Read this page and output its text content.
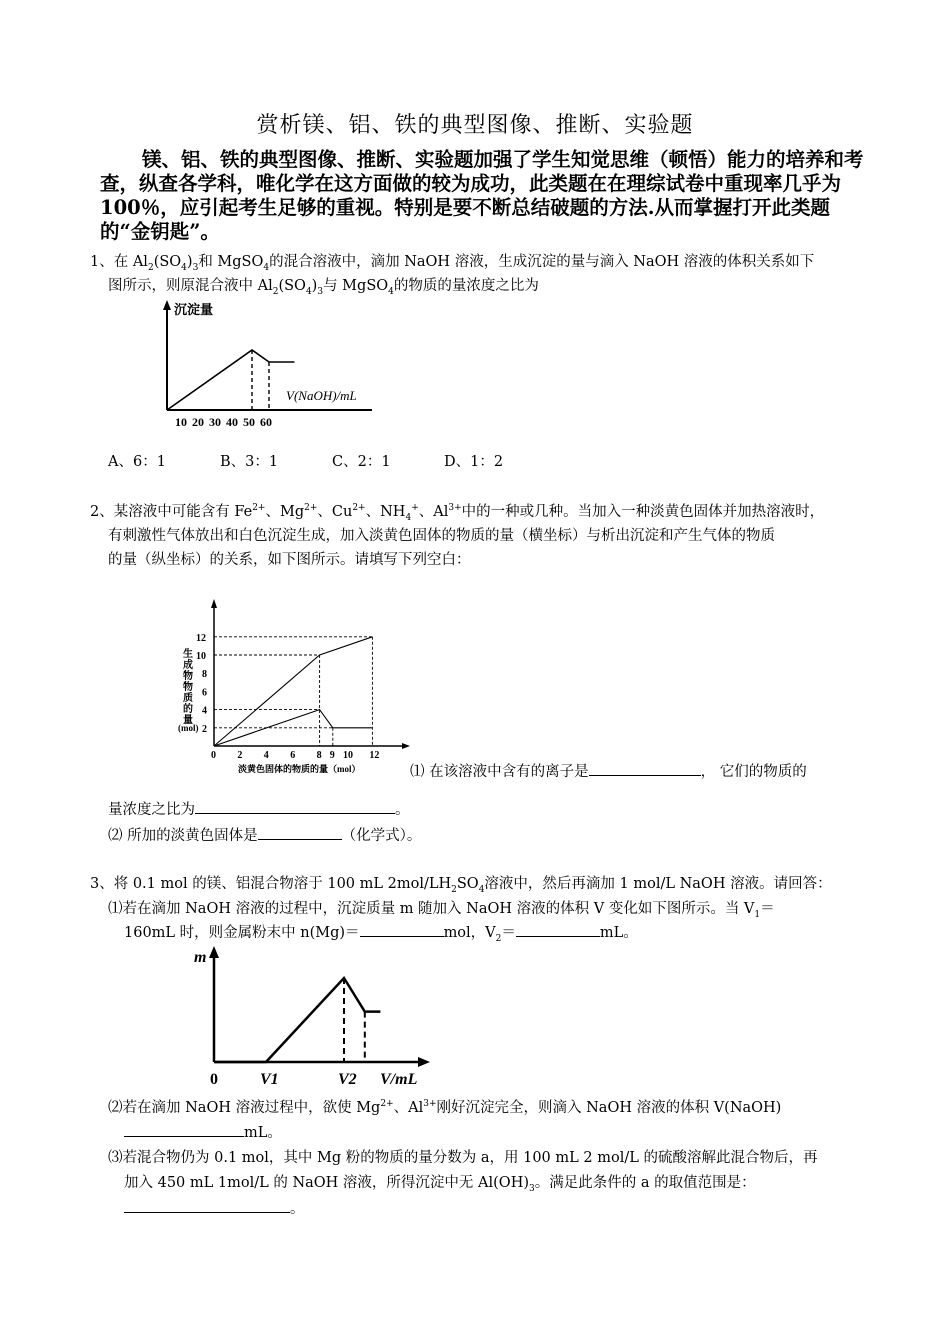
赏析镁、铝、铁的典型图像、推断、实验题
镁、铝、铁的典型图像、推断、实验题加强了学生知觉思维（顿悟）能力的培养和考查，纵查各学科，唯化学在这方面做的较为成功，此类题在在理综试卷中重现率几乎为100％，应引起考生足够的重视。特别是要不断总结破题的方法.从而掌握打开此类题的“金钥匙”。
1、在 $Al_2(SO_4)_3$和 MgSO$_4$的混合溶液中，滴加 NaOH 溶液，生成沉淀的量与滴入 NaOH 溶液的体积关系如下
图所示，则原混合液中 $Al_2(SO_4)_3$与 MgSO$_4$的物质的量浓度之比为
沉淀量
V(NaOH)/mL
10 20 30 40 50 60
A、6：1	B、3：1	C、2：1	D、1：2
2、某溶液中可能含有 $Fe^{2+}$、$Mg^{2+}$、$Cu^{2+}$、$NH_4^+$、$Al^{3+}$中的一种或几种。当加入一种淡黄色固体并加热溶液时，
有刺激性气体放出和白色沉淀生成，加入淡黄色固体的物质的量（横坐标）与析出沉淀和产生气体的物质
的量（纵坐标）的关系，如下图所示。请填写下列空白：
生成物物质的量
(mol)
淡黄色固体的物质的量（mol）
0 2 4 6 8 9 10 12
2
4
6
8
10
12
⑴ 在该溶液中含有的离子是	， 它们的物质的
量浓度之比为	。
⑵ 所加的淡黄色固体是	（化学式）。
3、将 0.1 mol 的镁、铝混合物溶于 100 mL $2mol/LH_2SO_4$溶液中，然后再滴加 1 mol/L NaOH 溶液。请回答：
⑴若在滴加 NaOH 溶液的过程中，沉淀质量 m 随加入 NaOH 溶液的体积 V 变化如下图所示。当 $V_1=$
160mL 时，则金属粉末中 n(Mg)＝	mol，$V_2=$	mL。
m
0	V1	V2 V/mL
⑵若在滴加 NaOH 溶液过程中，欲使 $Mg^{2+}$、$Al^{3+}$刚好沉淀完全，则滴入 NaOH 溶液的体积 V(NaOH)
mL。
⑶若混合物仍为 0.1 mol，其中 Mg 粉的物质的量分数为 a，用 100 mL 2 mol/L 的硫酸溶解此混合物后，再
加入 450 mL 1mol/L 的 NaOH 溶液，所得沉淀中无 $Al(OH)_3$。满足此条件的 a 的取值范围是：
。
